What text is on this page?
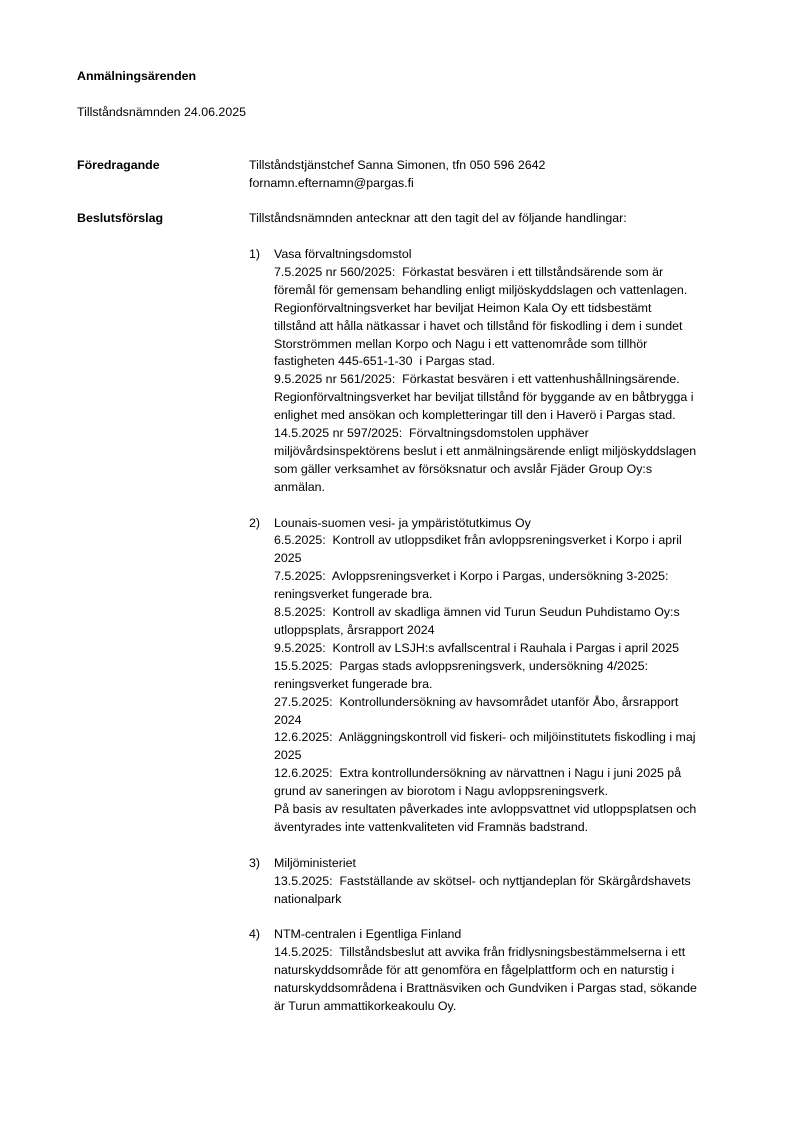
Anmälningsärenden
Tillståndsnämnden 24.06.2025
Föredragande	Tillståndstjänstchef Sanna Simonen, tfn 050 596 2642
fornamn.efternamn@pargas.fi
Beslutsförslag	Tillståndsnämnden antecknar att den tagit del av följande handlingar:
1)	Vasa förvaltningsdomstol
7.5.2025 nr 560/2025:  Förkastat besvären i ett tillståndsärende som är
föremål för gemensam behandling enligt miljöskyddslagen och vattenlagen.
Regionförvaltningsverket har beviljat Heimon Kala Oy ett tidsbestämt
tillstånd att hålla nätkassar i havet och tillstånd för fiskodling i dem i sundet
Storströmmen mellan Korpo och Nagu i ett vattenområde som tillhör
fastigheten 445-651-1-30  i Pargas stad.
9.5.2025 nr 561/2025:  Förkastat besvären i ett vattenhushållningsärende.
Regionförvaltningsverket har beviljat tillstånd för byggande av en båtbrygga i
enlighet med ansökan och kompletteringar till den i Haverö i Pargas stad.
14.5.2025 nr 597/2025:  Förvaltningsdomstolen upphäver
miljövårdsinspektörens beslut i ett anmälningsärende enligt miljöskyddslagen
som gäller verksamhet av försöksnatur och avslår Fjäder Group Oy:s
anmälan.
2)	Lounais-suomen vesi- ja ympäristötutkimus Oy
6.5.2025:  Kontroll av utloppsdiket från avloppsreningsverket i Korpo i april
2025
7.5.2025:  Avloppsreningsverket i Korpo i Pargas, undersökning 3-2025:
reningsverket fungerade bra.
8.5.2025:  Kontroll av skadliga ämnen vid Turun Seudun Puhdistamo Oy:s
utloppsplats, årsrapport 2024
9.5.2025:  Kontroll av LSJH:s avfallscentral i Rauhala i Pargas i april 2025
15.5.2025:  Pargas stads avloppsreningsverk, undersökning 4/2025:
reningsverket fungerade bra.
27.5.2025:  Kontrollundersökning av havsområdet utanför Åbo, årsrapport
2024
12.6.2025:  Anläggningskontroll vid fiskeri- och miljöinstitutets fiskodling i maj
2025
12.6.2025:  Extra kontrollundersökning av närvattnen i Nagu i juni 2025 på
grund av saneringen av biorotom i Nagu avloppsreningsverk.
På basis av resultaten påverkades inte avloppsvattnet vid utloppsplatsen och
äventyrades inte vattenkvaliteten vid Framnäs badstrand.
3)	Miljöministeriet
13.5.2025:  Fastställande av skötsel- och nyttjandeplan för Skärgårdshavets
nationalpark
4)	NTM-centralen i Egentliga Finland
14.5.2025:  Tillståndsbeslut att avvika från fridlysningsbestämmelserna i ett
naturskyddsområde för att genomföra en fågelplattform och en naturstig i
naturskyddsområdena i Brattnäsviken och Gundviken i Pargas stad, sökande
är Turun ammattikorkeakoulu Oy.
